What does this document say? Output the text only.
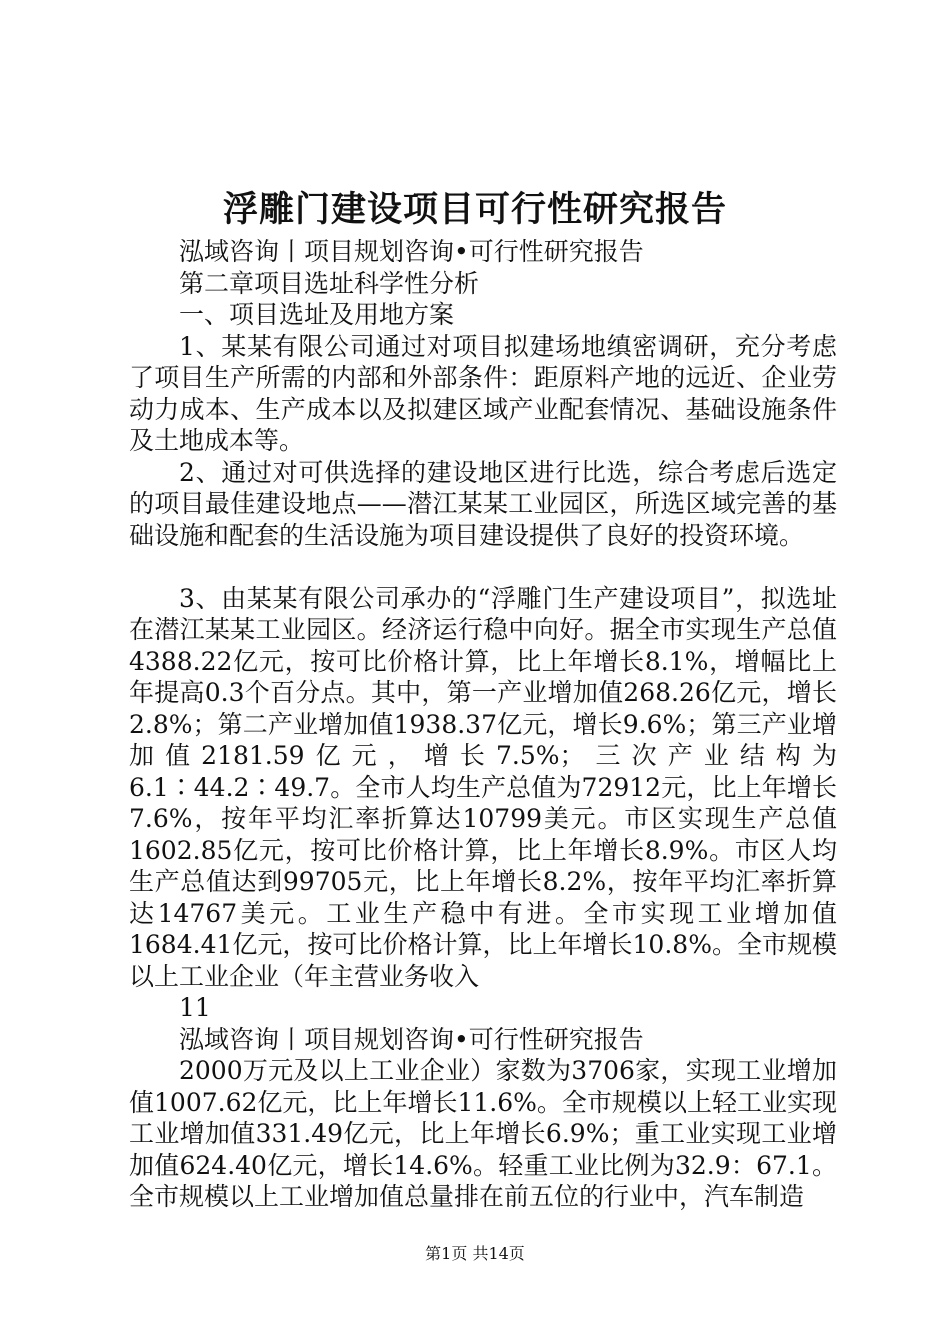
浮雕门建设项目可行性研究报告

泓域咨询丨项目规划咨询•可行性研究报告

第二章项目选址科学性分析

一、项目选址及用地方案

1、某某有限公司通过对项目拟建场地缜密调研，充分考虑了项目生产所需的内部和外部条件：距原料产地的远近、企业劳动力成本、生产成本以及拟建区域产业配套情况、基础设施条件及土地成本等。

2、通过对可供选择的建设地区进行比选，综合考虑后选定的项目最佳建设地点——潜江某某工业园区，所选区域完善的基础设施和配套的生活设施为项目建设提供了良好的投资环境。

3、由某某有限公司承办的“浮雕门生产建设项目”，拟选址在潜江某某工业园区。经济运行稳中向好。据全市实现生产总值4388.22亿元，按可比价格计算，比上年增长8.1%，增幅比上年提高0.3个百分点。其中，第一产业增加值268.26亿元，增长2.8%；第二产业增加值1938.37亿元，增长9.6%；第三产业增加值2181.59亿元，增长7.5%；三次产业结构为6.1∶44.2∶49.7。全市人均生产总值为72912元，比上年增长7.6%，按年平均汇率折算达10799美元。市区实现生产总值1602.85亿元，按可比价格计算，比上年增长8.9%。市区人均生产总值达到99705元，比上年增长8.2%，按年平均汇率折算达14767美元。工业生产稳中有进。全市实现工业增加值1684.41亿元，按可比价格计算，比上年增长10.8%。全市规模以上工业企业（年主营业务收入

11

泓域咨询丨项目规划咨询•可行性研究报告

2000万元及以上工业企业）家数为3706家，实现工业增加值1007.62亿元，比上年增长11.6%。全市规模以上轻工业实现工业增加值331.49亿元，比上年增长6.9%；重工业实现工业增加值624.40亿元，增长14.6%。轻重工业比例为32.9：67.1。全市规模以上工业增加值总量排在前五位的行业中，汽车制造

第1页 共14页
